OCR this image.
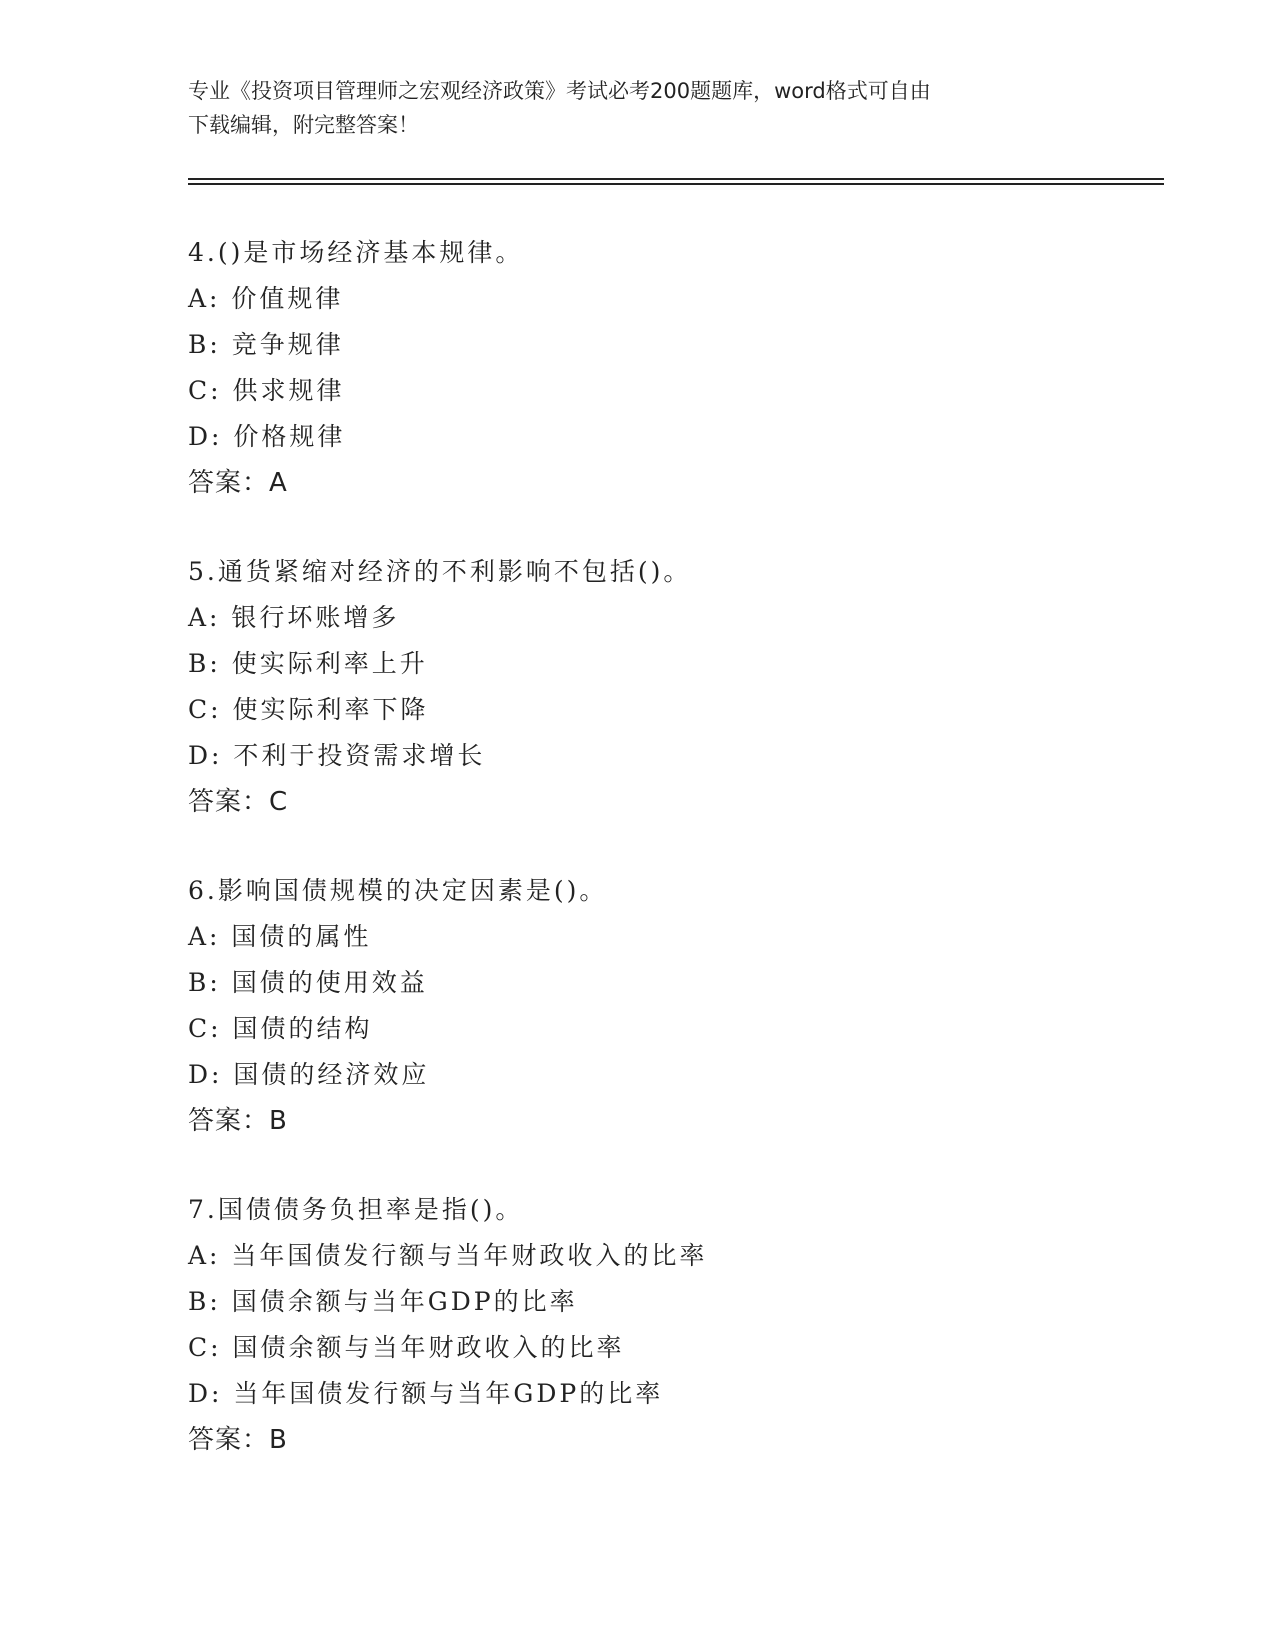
专业《投资项目管理师之宏观经济政策》考试必考200题题库，word格式可自由
下载编辑，附完整答案！
4.()是市场经济基本规律。
A: 价值规律
B: 竞争规律
C: 供求规律
D: 价格规律
答案：A
5.通货紧缩对经济的不利影响不包括()。
A: 银行坏账增多
B: 使实际利率上升
C: 使实际利率下降
D: 不利于投资需求增长
答案：C
6.影响国债规模的决定因素是()。
A: 国债的属性
B: 国债的使用效益
C: 国债的结构
D: 国债的经济效应
答案：B
7.国债债务负担率是指()。
A: 当年国债发行额与当年财政收入的比率
B: 国债余额与当年GDP的比率
C: 国债余额与当年财政收入的比率
D: 当年国债发行额与当年GDP的比率
答案：B
